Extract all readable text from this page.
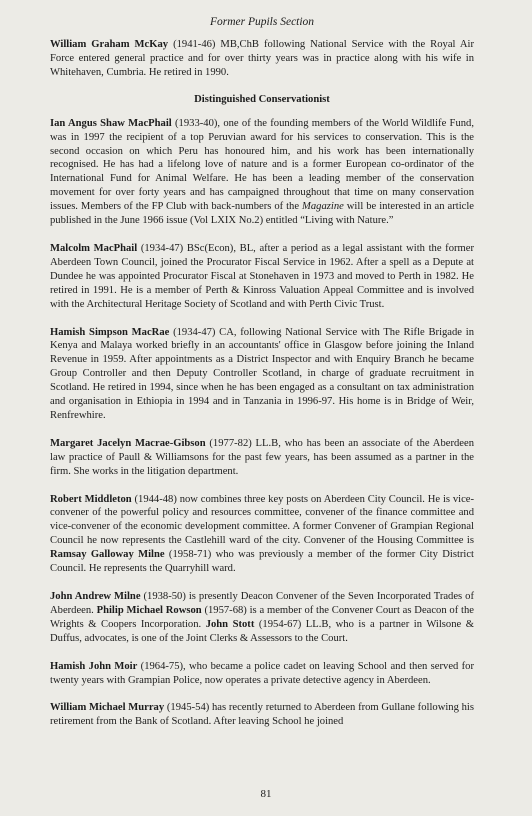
Former Pupils Section

William Graham McKay (1941-46) MB,ChB following National Service with the Royal Air Force entered general practice and for over thirty years was in practice along with his wife in Whitehaven, Cumbria. He retired in 1990.

Distinguished Conservationist

Ian Angus Shaw MacPhail (1933-40), one of the founding members of the World Wildlife Fund, was in 1997 the recipient of a top Peruvian award for his services to conservation. This is the second occasion on which Peru has honoured him, and his work has been internationally recognised. He has had a lifelong love of nature and is a former European co-ordinator of the International Fund for Animal Welfare. He has been a leading member of the conservation movement for over forty years and has campaigned throughout that time on many conservation issues. Members of the FP Club with back-numbers of the Magazine will be interested in an article published in the June 1966 issue (Vol LXIX No.2) entitled “Living with Nature.”

Malcolm MacPhail (1934-47) BSc(Econ), BL, after a period as a legal assistant with the former Aberdeen Town Council, joined the Procurator Fiscal Service in 1962. After a spell as a Depute at Dundee he was appointed Procurator Fiscal at Stonehaven in 1973 and moved to Perth in 1982. He retired in 1991. He is a member of Perth & Kinross Valuation Appeal Committee and is involved with the Architectural Heritage Society of Scotland and with Perth Civic Trust.

Hamish Simpson MacRae (1934-47) CA, following National Service with The Rifle Brigade in Kenya and Malaya worked briefly in an accountants' office in Glasgow before joining the Inland Revenue in 1959. After appointments as a District Inspector and with Enquiry Branch he became Group Controller and then Deputy Controller Scotland, in charge of graduate recruitment in Scotland. He retired in 1994, since when he has been engaged as a consultant on tax administration and organisation in Ethiopia in 1994 and in Tanzania in 1996-97. His home is in Bridge of Weir, Renfrewhire.

Margaret Jacelyn Macrae-Gibson (1977-82) LL.B, who has been an associate of the Aberdeen law practice of Paull & Williamsons for the past few years, has been assumed as a partner in the firm. She works in the litigation department.

Robert Middleton (1944-48) now combines three key posts on Aberdeen City Council. He is vice-convener of the powerful policy and resources committee, convener of the finance committee and vice-convener of the economic development committee. A former Convener of Grampian Regional Council he now represents the Castlehill ward of the city. Convener of the Housing Committee is Ramsay Galloway Milne (1958-71) who was previously a member of the former City District Council. He represents the Quarryhill ward.

John Andrew Milne (1938-50) is presently Deacon Convener of the Seven Incorporated Trades of Aberdeen. Philip Michael Rowson (1957-68) is a member of the Convener Court as Deacon of the Wrights & Coopers Incorporation. John Stott (1954-67) LL.B, who is a partner in Wilsone & Duffus, advocates, is one of the Joint Clerks & Assessors to the Court.

Hamish John Moir (1964-75), who became a police cadet on leaving School and then served for twenty years with Grampian Police, now operates a private detective agency in Aberdeen.

William Michael Murray (1945-54) has recently returned to Aberdeen from Gullane following his retirement from the Bank of Scotland. After leaving School he joined

81
